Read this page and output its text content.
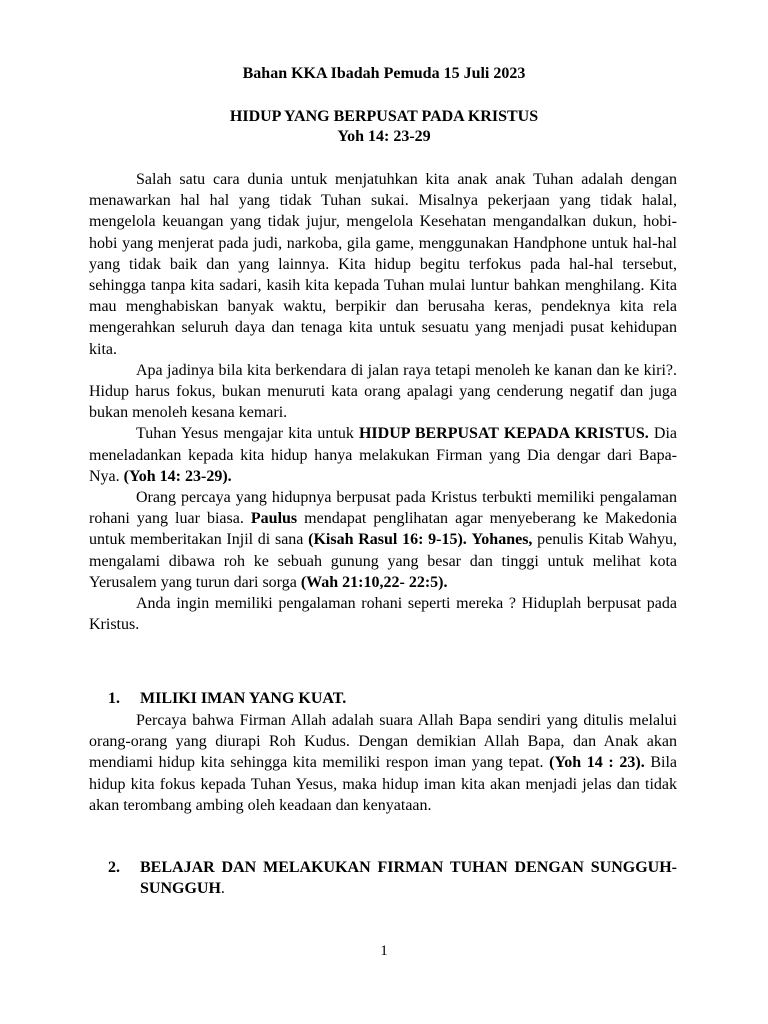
Bahan KKA Ibadah Pemuda 15 Juli 2023
HIDUP YANG BERPUSAT PADA KRISTUS
Yoh 14: 23-29

Salah satu cara dunia untuk menjatuhkan kita anak anak Tuhan adalah dengan menawarkan hal hal yang tidak Tuhan sukai. Misalnya pekerjaan yang tidak halal, mengelola keuangan yang tidak jujur, mengelola Kesehatan mengandalkan dukun, hobi-hobi yang menjerat pada judi, narkoba, gila game, menggunakan Handphone untuk hal-hal yang tidak baik dan yang lainnya. Kita hidup begitu terfokus pada hal-hal tersebut, sehingga tanpa kita sadari, kasih kita kepada Tuhan mulai luntur bahkan menghilang. Kita mau menghabiskan banyak waktu, berpikir dan berusaha keras, pendeknya kita rela mengerahkan seluruh daya dan tenaga kita untuk sesuatu yang menjadi pusat kehidupan kita.

Apa jadinya bila kita berkendara di jalan raya tetapi menoleh ke kanan dan ke kiri?. Hidup harus fokus, bukan menuruti kata orang apalagi yang cenderung negatif dan juga bukan menoleh kesana kemari.

Tuhan Yesus mengajar kita untuk HIDUP BERPUSAT KEPADA KRISTUS. Dia meneladankan kepada kita hidup hanya melakukan Firman yang Dia dengar dari Bapa-Nya. (Yoh 14: 23-29).

Orang percaya yang hidupnya berpusat pada Kristus terbukti memiliki pengalaman rohani yang luar biasa. Paulus mendapat penglihatan agar menyeberang ke Makedonia untuk memberitakan Injil di sana (Kisah Rasul 16: 9-15). Yohanes, penulis Kitab Wahyu, mengalami dibawa roh ke sebuah gunung yang besar dan tinggi untuk melihat kota Yerusalem yang turun dari sorga (Wah 21:10,22- 22:5).

Anda ingin memiliki pengalaman rohani seperti mereka ? Hiduplah berpusat pada Kristus.

1.	MILIKI IMAN YANG KUAT.

Percaya bahwa Firman Allah adalah suara Allah Bapa sendiri yang ditulis melalui orang-orang yang diurapi Roh Kudus. Dengan demikian Allah Bapa, dan Anak akan mendiami hidup kita sehingga kita memiliki respon iman yang tepat. (Yoh 14 : 23). Bila hidup kita fokus kepada Tuhan Yesus, maka hidup iman kita akan menjadi jelas dan tidak akan terombang ambing oleh keadaan dan kenyataan.

2.	BELAJAR DAN MELAKUKAN FIRMAN TUHAN DENGAN SUNGGUH-SUNGGUH.
1
